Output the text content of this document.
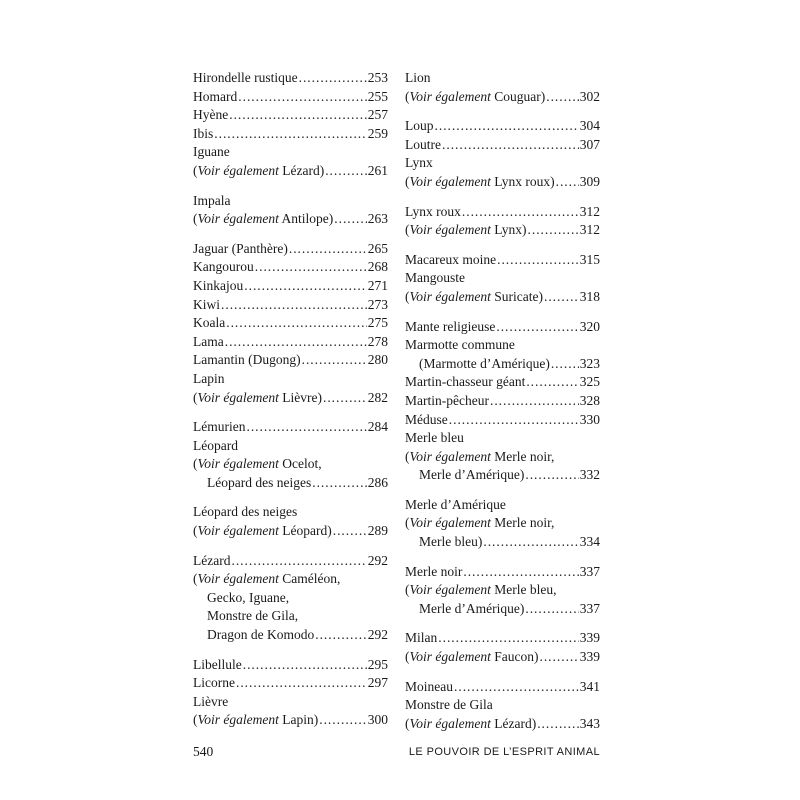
Hirondelle rustique . . .	253
Homard . . .	255
Hyène . . .	257
Ibis . . .	259
Iguane
(Voir également Lézard) . . .	261
Impala
(Voir également Antilope) . . .	263
Jaguar (Panthère) . . .	265
Kangourou . . .	268
Kinkajou . . .	271
Kiwi . . .	273
Koala . . .	275
Lama . . .	278
Lamantin (Dugong) . . .	280
Lapin
(Voir également Lièvre) . . .	282
Lémurien . . .	284
Léopard
(Voir également Ocelot,
Léopard des neiges . . .	286
Léopard des neiges
(Voir également Léopard) . . .	289
Lézard . . .	292
(Voir également Caméléon,
Gecko, Iguane,
Monstre de Gila,
Dragon de Komodo . . .	292
Libellule . . .	295
Licorne . . .	297
Lièvre
(Voir également Lapin) . . .	300
Lion
(Voir également Couguar) . . .	302
Loup . . .	304
Loutre . . .	307
Lynx
(Voir également Lynx roux) . . . 309
Lynx roux . . .	312
(Voir également Lynx) . . .	312
Macareux moine . . .	315
Mangouste
(Voir également Suricate) . . .	318
Mante religieuse . . .	320
Marmotte commune
(Marmotte d’Amérique) . . . 323
Martin-chasseur géant . . .	325
Martin-pêcheur . . .	328
Méduse . . .	330
Merle bleu
(Voir également Merle noir,
Merle d’Amérique) . . .	332
Merle d’Amérique
(Voir également Merle noir,
Merle bleu) . . .	334
Merle noir . . .	337
(Voir également Merle bleu,
Merle d’Amérique) . . .	337
Milan . . .	339
(Voir également Faucon) . . .	339
Moineau . . .	341
Monstre de Gila
(Voir également Lézard) . . .	343
540	LE POUVOIR DE L’ESPRIT ANIMAL
